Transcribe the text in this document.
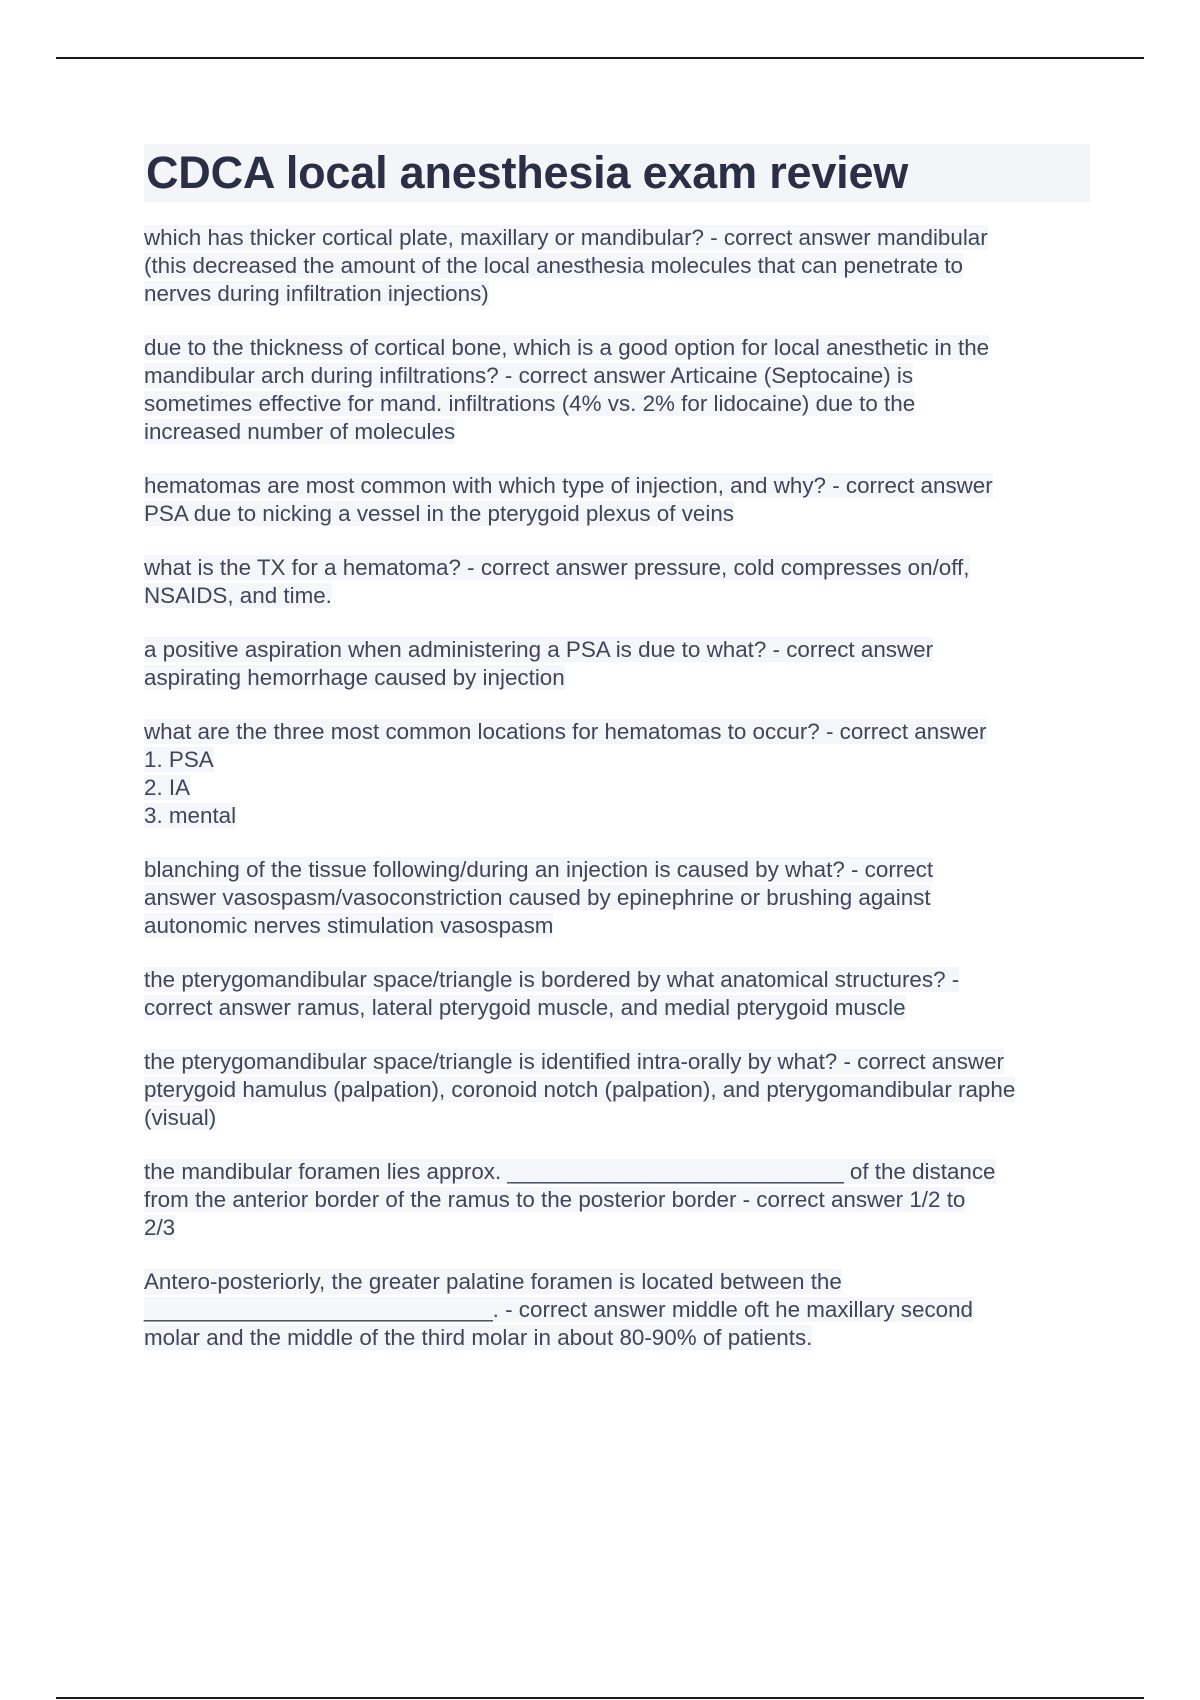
CDCA local anesthesia exam review

which has thicker cortical plate, maxillary or mandibular? - correct answer mandibular
(this decreased the amount of the local anesthesia molecules that can penetrate to
nerves during infiltration injections)

due to the thickness of cortical bone, which is a good option for local anesthetic in the
mandibular arch during infiltrations? - correct answer Articaine (Septocaine) is
sometimes effective for mand. infiltrations (4% vs. 2% for lidocaine) due to the
increased number of molecules

hematomas are most common with which type of injection, and why? - correct answer
PSA due to nicking a vessel in the pterygoid plexus of veins

what is the TX for a hematoma? - correct answer pressure, cold compresses on/off,
NSAIDS, and time.

a positive aspiration when administering a PSA is due to what? - correct answer
aspirating hemorrhage caused by injection

what are the three most common locations for hematomas to occur? - correct answer
1. PSA
2. IA
3. mental

blanching of the tissue following/during an injection is caused by what? - correct
answer vasospasm/vasoconstriction caused by epinephrine or brushing against
autonomic nerves stimulation vasospasm

the pterygomandibular space/triangle is bordered by what anatomical structures? -
correct answer ramus, lateral pterygoid muscle, and medial pterygoid muscle

the pterygomandibular space/triangle is identified intra-orally by what? - correct answer
pterygoid hamulus (palpation), coronoid notch (palpation), and pterygomandibular raphe
(visual)

the mandibular foramen lies approx. ___________________________ of the distance
from the anterior border of the ramus to the posterior border - correct answer 1/2 to
2/3

Antero-posteriorly, the greater palatine foramen is located between the
____________________________. - correct answer middle oft he maxillary second
molar and the middle of the third molar in about 80-90% of patients.
